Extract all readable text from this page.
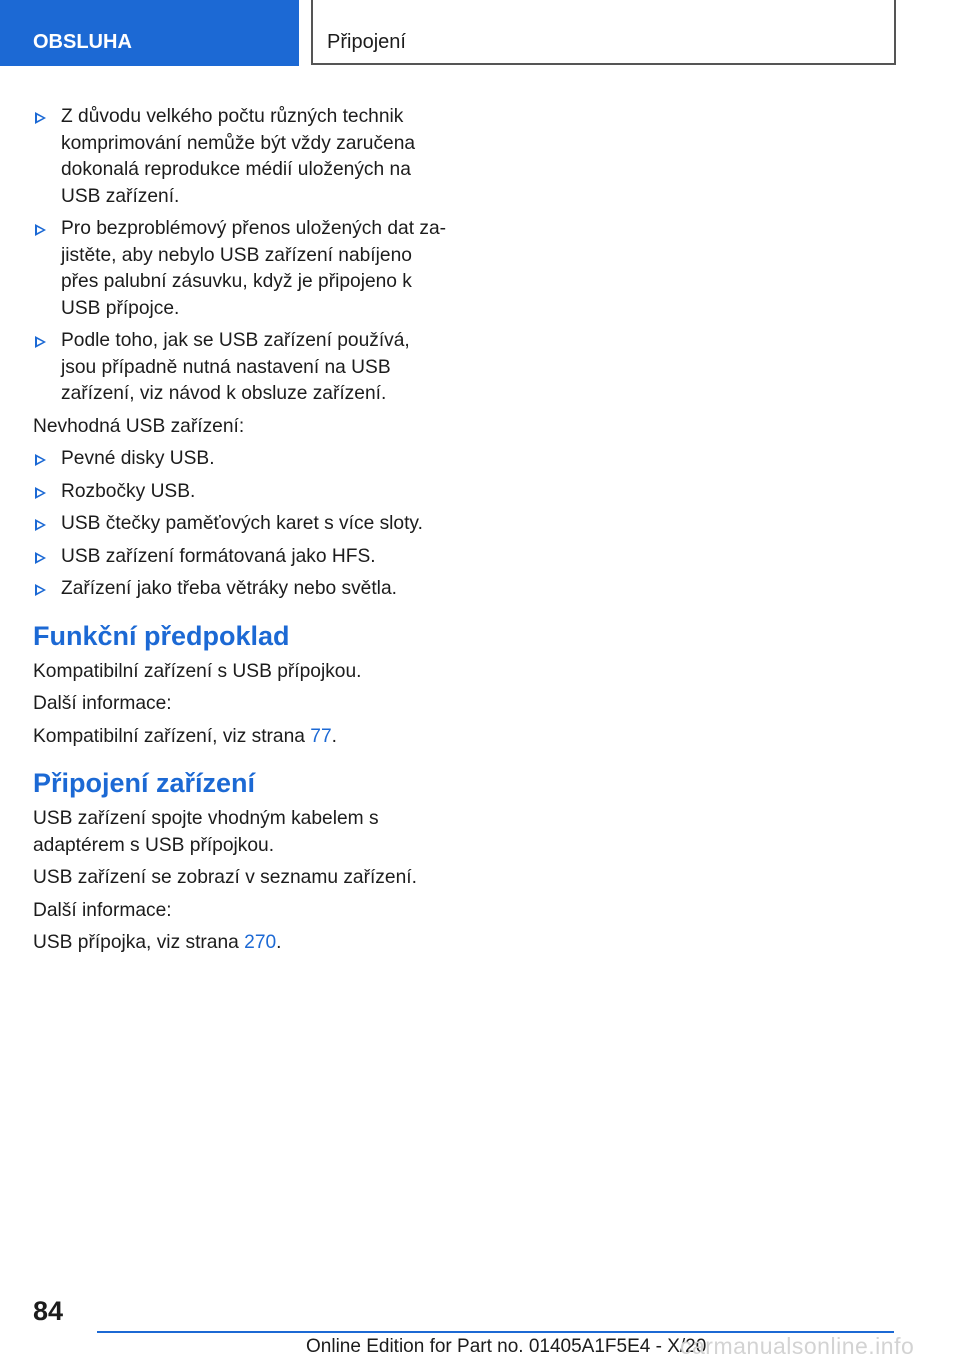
OBSLUHA	Připojení
Z důvodu velkého počtu různých technik komprimování nemůže být vždy zaručena dokonalá reprodukce médií uložených na USB zařízení.
Pro bezproblémový přenos uložených dat zajistěte, aby nebylo USB zařízení nabíjeno přes palubní zásuvku, když je připojeno k USB přípojce.
Podle toho, jak se USB zařízení používá, jsou případně nutná nastavení na USB zařízení, viz návod k obsluze zařízení.

Nevhodná USB zařízení:

Pevné disky USB.
Rozbočky USB.
USB čtečky paměťových karet s více sloty.
USB zařízení formátovaná jako HFS.
Zařízení jako třeba větráky nebo světla.
Funkční předpoklad

Kompatibilní zařízení s USB přípojkou.

Další informace:

Kompatibilní zařízení, viz strana 77.

Připojení zařízení

USB zařízení spojte vhodným kabelem s adaptérem s USB přípojkou.

USB zařízení se zobrazí v seznamu zařízení.

Další informace:

USB přípojka, viz strana 270.

84
Online Edition for Part no. 01405A1F5E4 - X/20
carmanualsonline.info
